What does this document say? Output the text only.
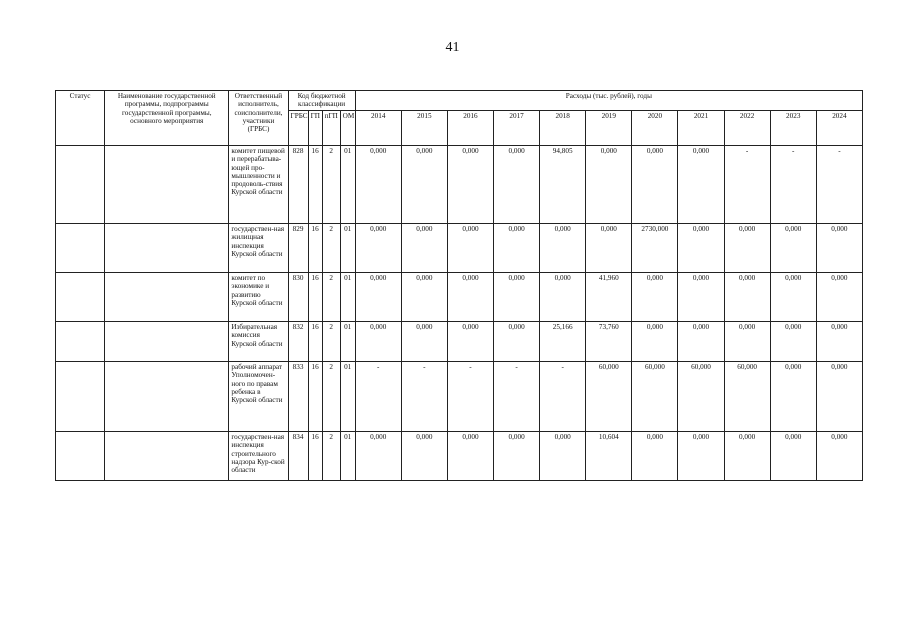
41
Статус	Наименование государственной программы, подпрограммы государственной программы, основного мероприятия	Ответственный исполнитель, соисполнители, участники (ГРБС)	Код бюджетной классификации				Расходы (тыс. рублей), годы										
			ГРБС	ГП	пГП	ОМ	2014	2015	2016	2017	2018	2019	2020	2021	2022	2023	2024
		комитет пищевой и перерабатыва-ющей про-мышленности и продоволь-ствия Курской области	828	16	2	01	0,000	0,000	0,000	0,000	94,805	0,000	0,000	0,000	-	-	-
		государствен-ная жилищная инспекция Курской области	829	16	2	01	0,000	0,000	0,000	0,000	0,000	0,000	2730,000	0,000	0,000	0,000	0,000
		комитет по экономике и развитию Курской области	830	16	2	01	0,000	0,000	0,000	0,000	0,000	41,960	0,000	0,000	0,000	0,000	0,000
		Избирательная комиссия Курской области	832	16	2	01	0,000	0,000	0,000	0,000	25,166	73,760	0,000	0,000	0,000	0,000	0,000
		рабочий аппарат Уполномочен-ного по правам ребенка в Курской области	833	16	2	01	-	-	-	-	-	60,000	60,000	60,000	60,000	0,000	0,000
		государствен-ная инспекция строительного надзора Кур-ской области	834	16	2	01	0,000	0,000	0,000	0,000	0,000	10,604	0,000	0,000	0,000	0,000	0,000
